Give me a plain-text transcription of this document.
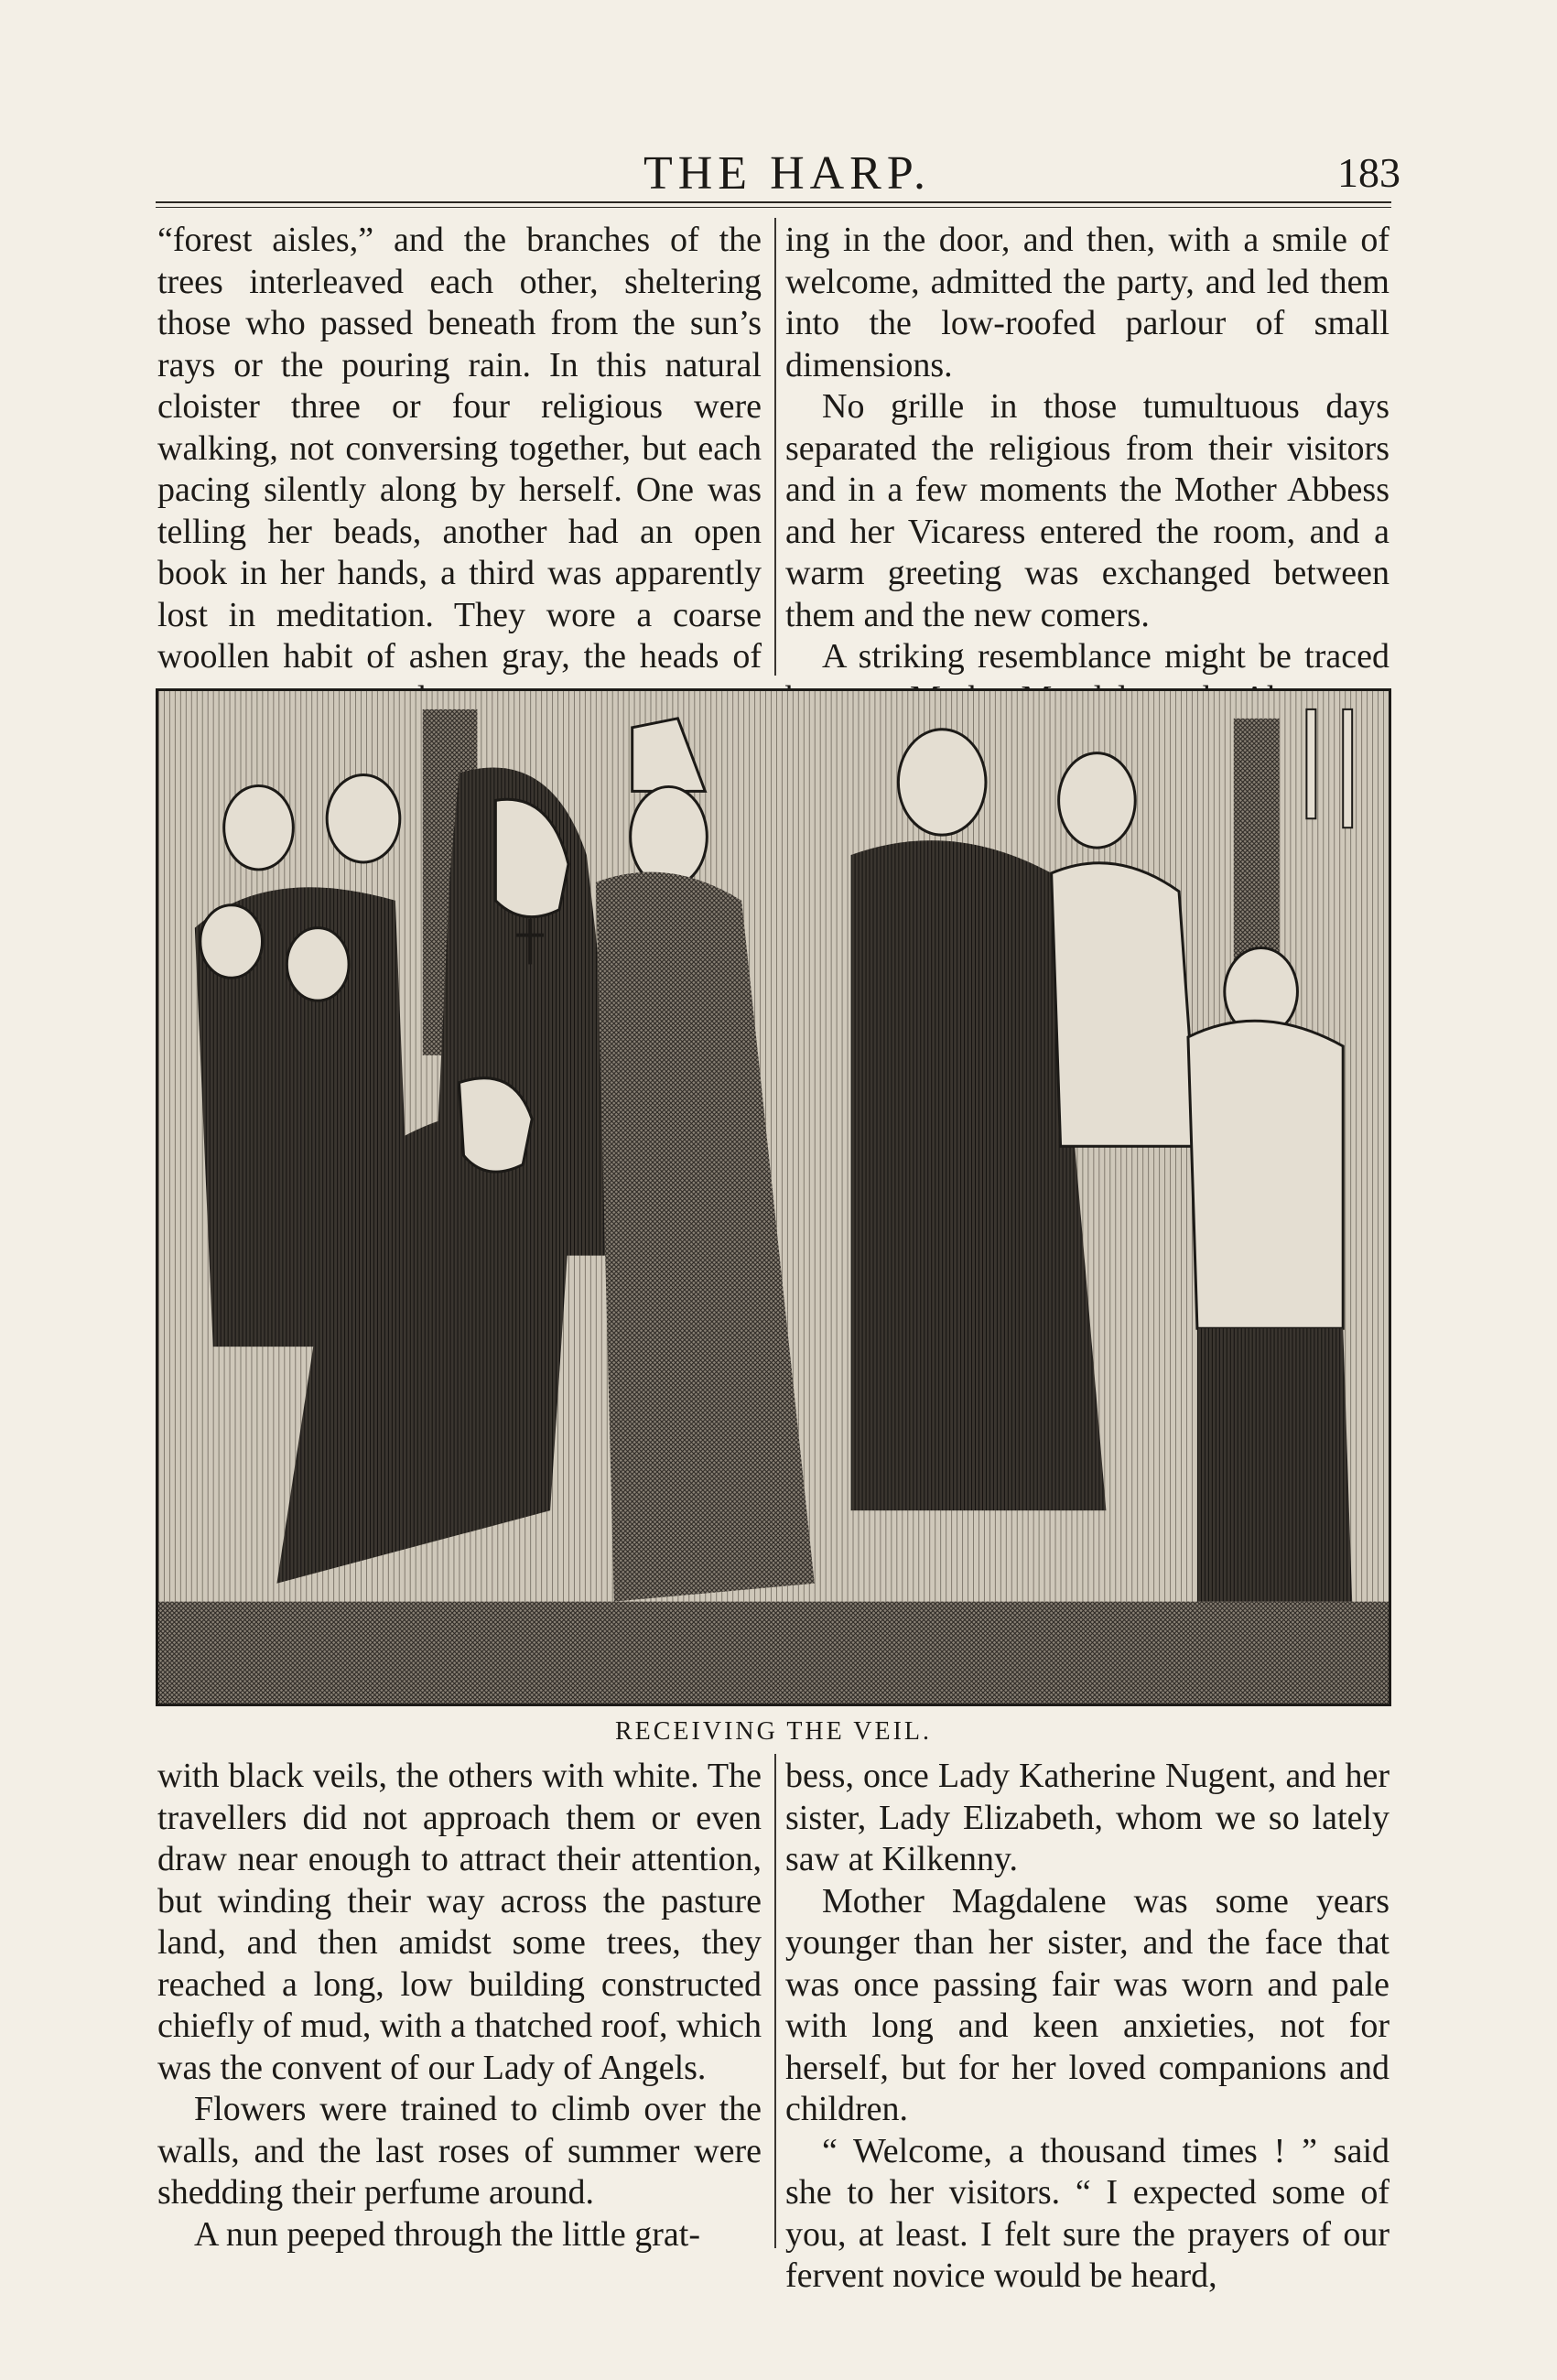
THE HARP.	183

“forest aisles,” and the branches of the trees interleaved each other, sheltering those who passed beneath from the sun’s rays or the pouring rain. In this natural cloister three or four religious were walking, not conversing together, but each pacing silently along by herself. One was telling her beads, another had an open book in her hands, a third was apparently lost in meditation. They wore a coarse woollen habit of ashen gray, the heads of

ing in the door, and then, with a smile of welcome, admitted the party, and led them into the low-roofed parlour of small dimensions.

No grille in those tumultuous days separated the religious from their visitors and in a few moments the Mother Abbess and her Vicaress entered the room, and a warm greeting was exchanged between them and the new comers.

A striking resemblance might be traced

RECEIVING THE VEIL.

with black veils, the others with white. The travellers did not approach them or even draw near enough to attract their attention, but winding their way across the pasture land, and then amidst some trees, they reached a long, low building constructed chiefly of mud, with a thatched roof, which was the convent of our Lady of Angels.

Flowers were trained to climb over the walls, and the last roses of summer were shedding their perfume around.

A nun peeped through the little grat-

bess, once Lady Katherine Nugent, and her sister, Lady Elizabeth, whom we so lately saw at Kilkenny.

Mother Magdalene was some years younger than her sister, and the face that was once passing fair was worn and pale with long and keen anxieties, not for herself, but for her loved companions and children.

“ Welcome, a thousand times ! ” said she to her visitors. “ I expected some of you, at least. I felt sure the prayers of our fervent novice would be heard,
